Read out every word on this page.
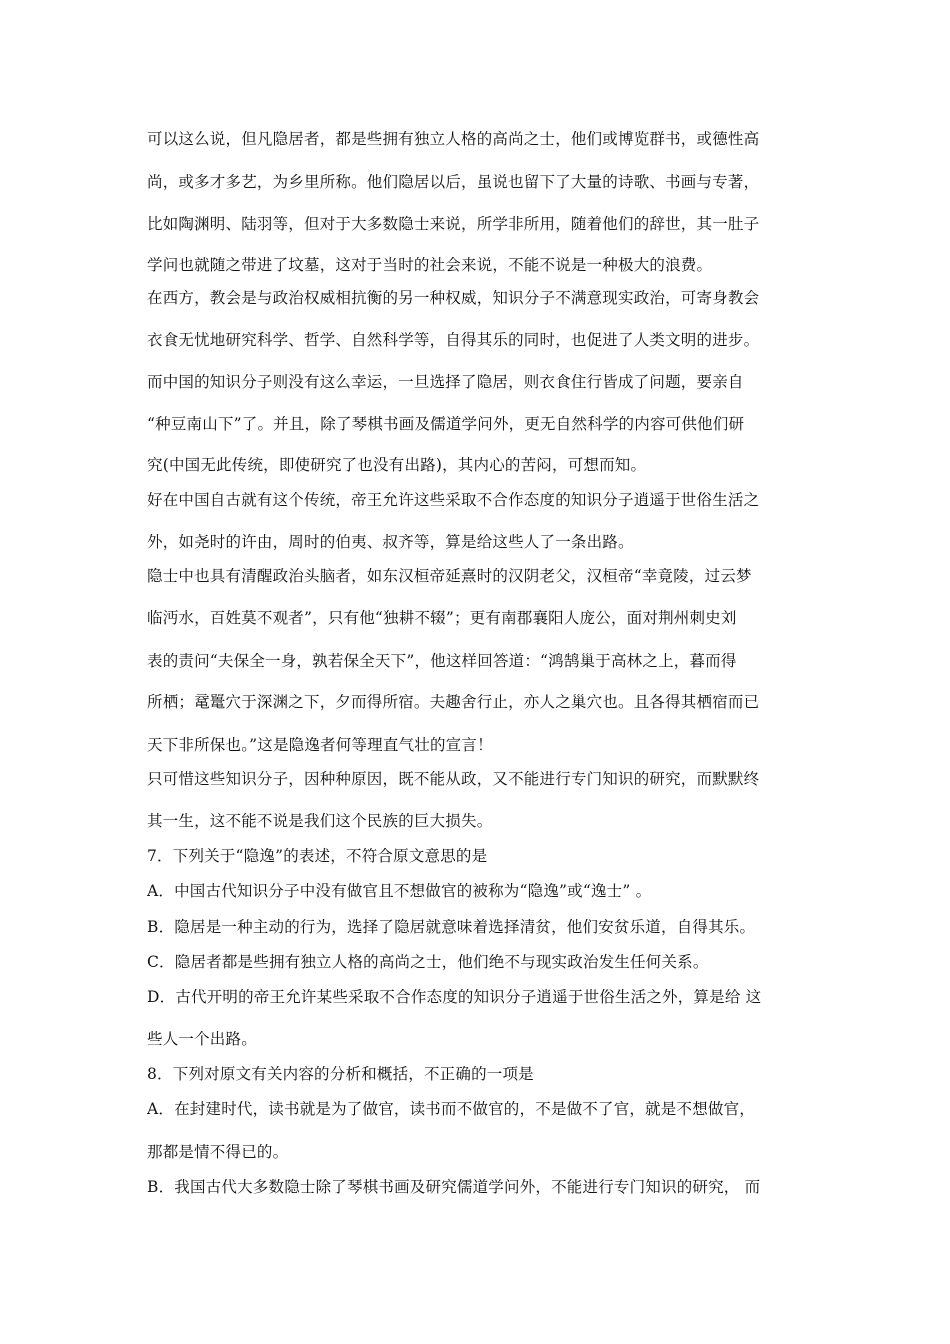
可以这么说，但凡隐居者，都是些拥有独立人格的高尚之士，他们或博览群书，或德性高
尚，或多才多艺，为乡里所称。他们隐居以后，虽说也留下了大量的诗歌、书画与专著，
比如陶渊明、陆羽等，但对于大多数隐士来说，所学非所用，随着他们的辞世，其一肚子
学问也就随之带进了坟墓，这对于当时的社会来说，不能不说是一种极大的浪费。
在西方，教会是与政治权威相抗衡的另一种权威，知识分子不满意现实政治，可寄身教会
衣食无忧地研究科学、哲学、自然科学等，自得其乐的同时，也促进了人类文明的进步。
而中国的知识分子则没有这么幸运，一旦选择了隐居，则衣食住行皆成了问题，要亲自
“种豆南山下”了。并且，除了琴棋书画及儒道学问外，更无自然科学的内容可供他们研
究(中国无此传统，即使研究了也没有出路)，其内心的苦闷，可想而知。
好在中国自古就有这个传统，帝王允许这些采取不合作态度的知识分子逍遥于世俗生活之
外，如尧时的许由，周时的伯夷、叔齐等，算是给这些人了一条出路。
隐士中也具有清醒政治头脑者，如东汉桓帝延熹时的汉阴老父，汉桓帝“幸竟陵，过云梦
临沔水，百姓莫不观者”，只有他“独耕不辍”；更有南郡襄阳人庞公，面对荆州刺史刘
表的责问“夫保全一身，孰若保全天下”，他这样回答道：“鸿鹄巢于高林之上，暮而得
所栖；鼋鼍穴于深渊之下，夕而得所宿。夫趣舍行止，亦人之巢穴也。且各得其栖宿而已
天下非所保也。”这是隐逸者何等理直气壮的宣言！
只可惜这些知识分子，因种种原因，既不能从政，又不能进行专门知识的研究，而默默终
其一生，这不能不说是我们这个民族的巨大损失。
7．下列关于“隐逸”的表述，不符合原文意思的是
A．中国古代知识分子中没有做官且不想做官的被称为“隐逸”或“逸士” 。
B．隐居是一种主动的行为，选择了隐居就意味着选择清贫，他们安贫乐道，自得其乐。
C．隐居者都是些拥有独立人格的高尚之士，他们绝不与现实政治发生任何关系。
D．古代开明的帝王允许某些采取不合作态度的知识分子逍遥于世俗生活之外，算是给 这
些人一个出路。
8．下列对原文有关内容的分析和概括，不正确的一项是
A．在封建时代，读书就是为了做官，读书而不做官的，不是做不了官，就是不想做官，
那都是情不得已的。
B．我国古代大多数隐士除了琴棋书画及研究儒道学问外，不能进行专门知识的研究， 而
